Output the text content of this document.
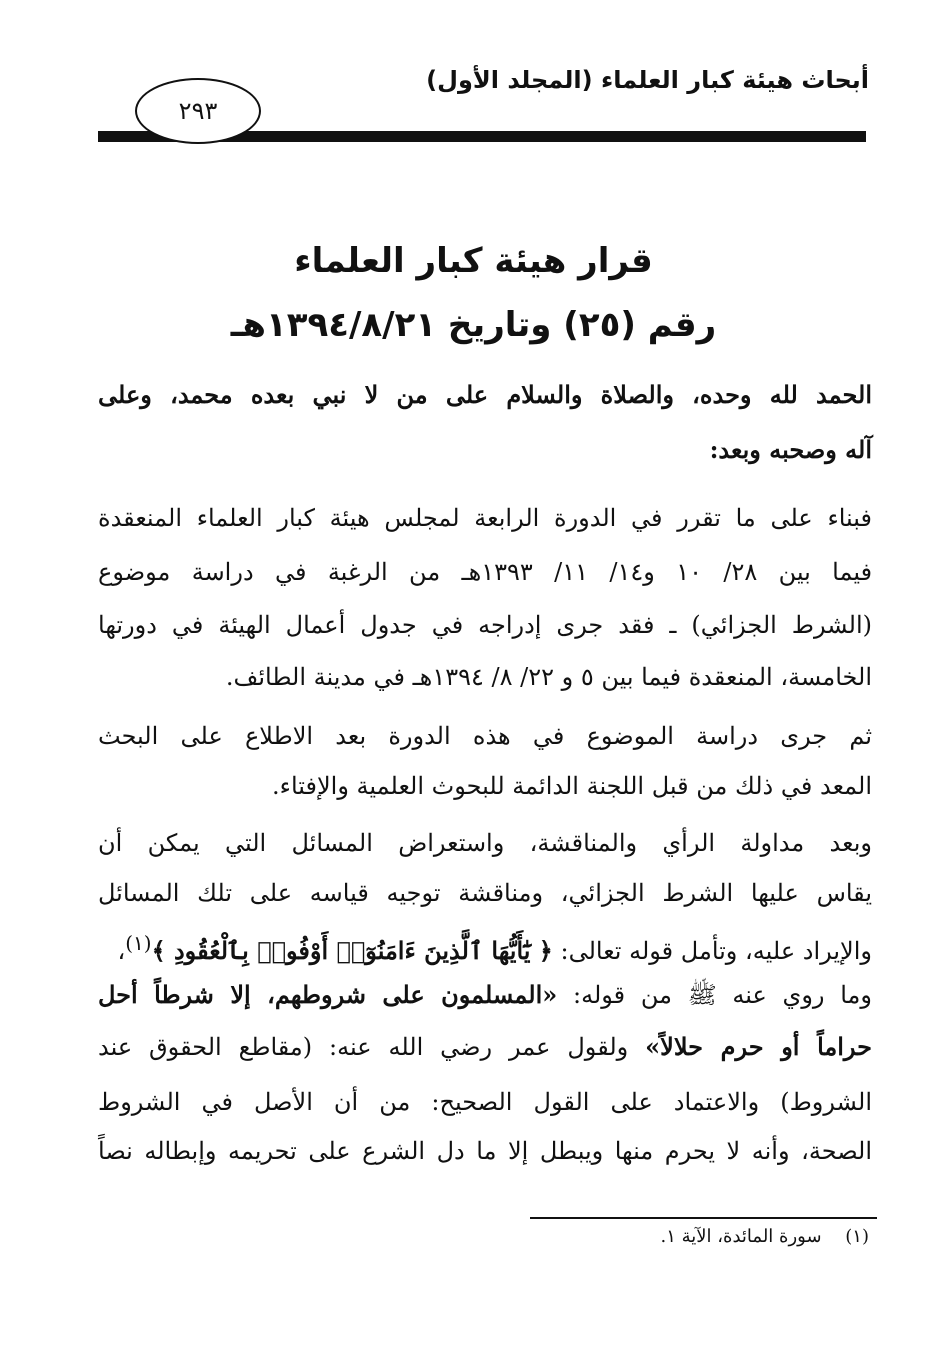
أبحاث هيئة كبار العلماء (المجلد الأول)
٢٩٣
قرار هيئة كبار العلماء
رقم (٢٥) وتاريخ ١٣٩٤/٨/٢١هـ
الحمد لله وحده، والصلاة والسلام على من لا نبي بعده محمد، وعلى
آله وصحبه وبعد:
فبناء على ما تقرر في الدورة الرابعة لمجلس هيئة كبار العلماء المنعقدة
فيما بين ٢٨/ ١٠ و١٤/ ١١/ ١٣٩٣هـ من الرغبة في دراسة موضوع
(الشرط الجزائي) ـ فقد جرى إدراجه في جدول أعمال الهيئة في دورتها
الخامسة، المنعقدة فيما بين ٥ و ٢٢/ ٨/ ١٣٩٤هـ في مدينة الطائف.
ثم جرى دراسة الموضوع في هذه الدورة بعد الاطلاع على البحث
المعد في ذلك من قبل اللجنة الدائمة للبحوث العلمية والإفتاء.
وبعد مداولة الرأي والمناقشة، واستعراض المسائل التي يمكن أن
يقاس عليها الشرط الجزائي، ومناقشة توجيه قياسه على تلك المسائل
والإيراد عليه، وتأمل قوله تعالى: ﴿ يَٰٓأَيُّهَا ٱلَّذِينَ ءَامَنُوٓا۟ أَوْفُوا۟ بِٱلْعُقُودِ ﴾$^{(١)}$،
وما روي عنه ﷺ من قوله: «المسلمون على شروطهم، إلا شرطاً أحل
حراماً أو حرم حلالاً» ولقول عمر رضي الله عنه: (مقاطع الحقوق عند
الشروط) والاعتماد على القول الصحيح: من أن الأصل في الشروط
الصحة، وأنه لا يحرم منها ويبطل إلا ما دل الشرع على تحريمه وإبطاله نصاً
(١) سورة المائدة، الآية ١.
